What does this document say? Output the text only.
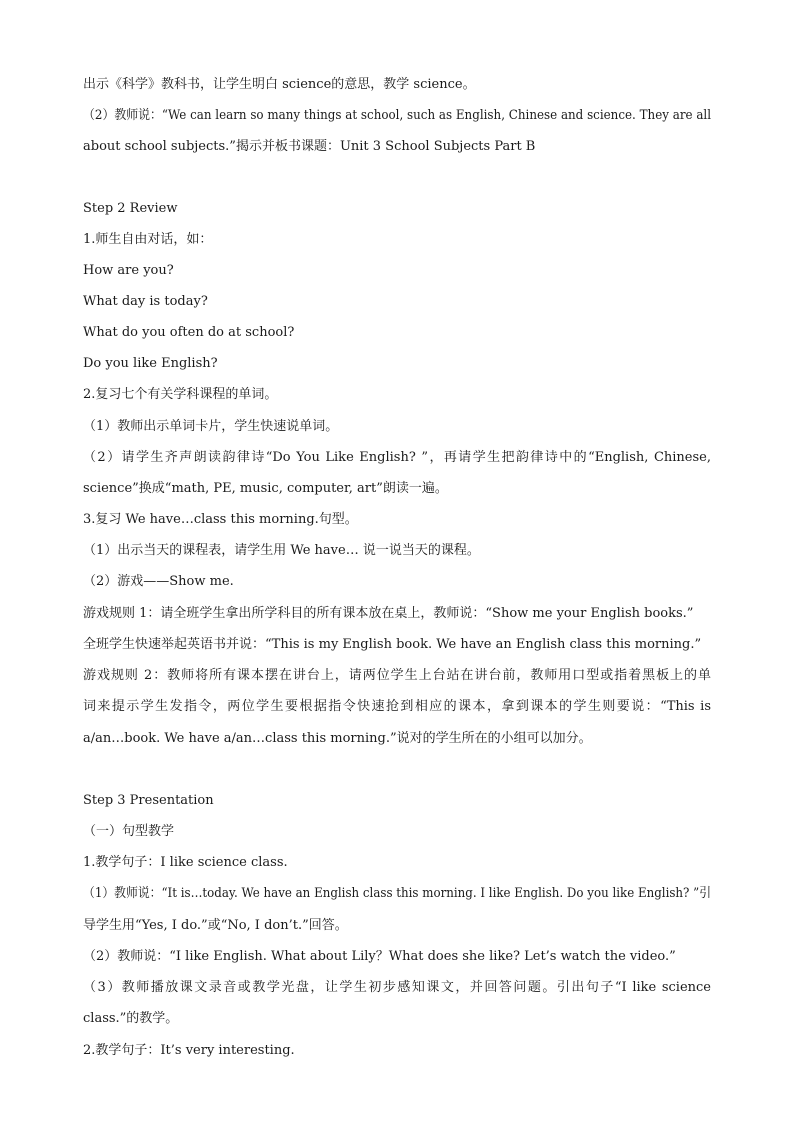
出示《科学》教科书，让学生明白 science的意思，教学 science。
（2）教师说：“We can learn so many things at school, such as English, Chinese and science. They are all
about school subjects.”揭示并板书课题：Unit 3 School Subjects Part B
Step 2 Review
1.师生自由对话，如：
How are you?
What day is today?
What do you often do at school?
Do you like English?
2.复习七个有关学科课程的单词。
（1）教师出示单词卡片，学生快速说单词。
（2）请学生齐声朗读韵律诗“Do You Like English? ”，再请学生把韵律诗中的“English, Chinese,
science”换成“math, PE, music, computer, art”朗读一遍。
3.复习 We have…class this morning.句型。
（1）出示当天的课程表，请学生用 We have… 说一说当天的课程。
（2）游戏——Show me.
游戏规则 1：请全班学生拿出所学科目的所有课本放在桌上，教师说：“Show me your English books.”
全班学生快速举起英语书并说：“This is my English book. We have an English class this morning.”
游戏规则 2：教师将所有课本摆在讲台上，请两位学生上台站在讲台前，教师用口型或指着黑板上的单
词来提示学生发指令，两位学生要根据指令快速抢到相应的课本，拿到课本的学生则要说：“This is
a/an…book. We have a/an…class this morning.”说对的学生所在的小组可以加分。
Step 3 Presentation
（一）句型教学
1.教学句子：I like science class.
（1）教师说：“It is…today. We have an English class this morning. I like English. Do you like English? ”引
导学生用“Yes, I do.”或“No, I don’t.”回答。
（2）教师说：“I like English. What about Lily？What does she like? Let’s watch the video.”
（3）教师播放课文录音或教学光盘，让学生初步感知课文，并回答问题。引出句子“I like science
class.”的教学。
2.教学句子：It’s very interesting.
